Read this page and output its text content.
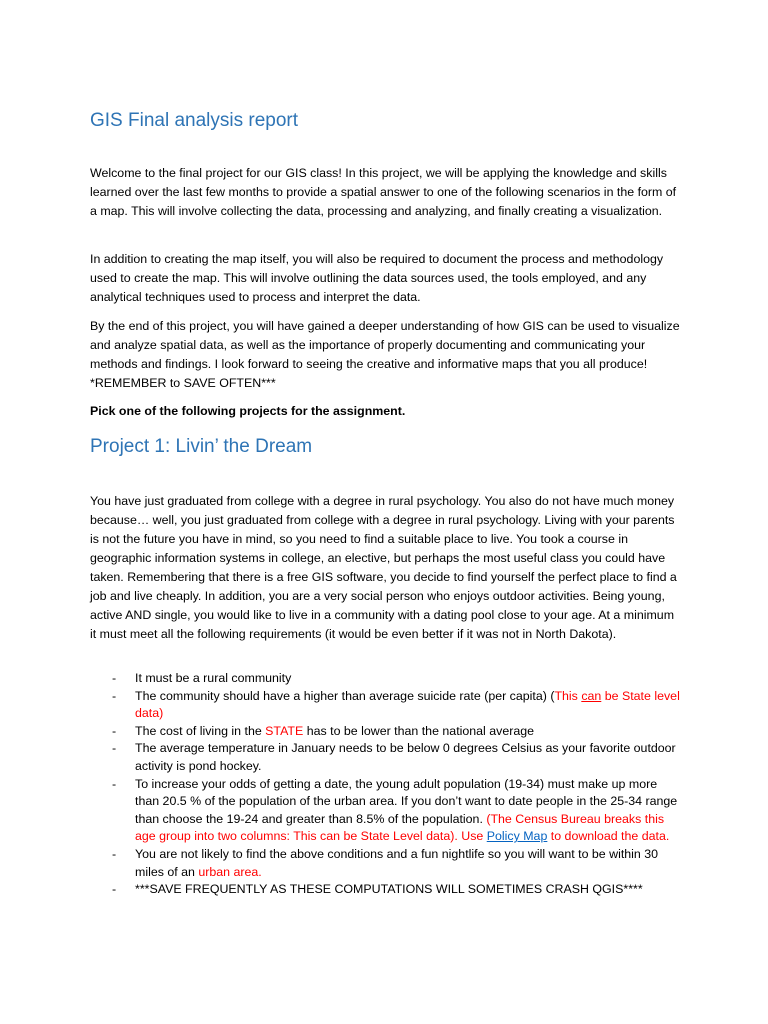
GIS Final analysis report

Welcome to the final project for our GIS class! In this project, we will be applying the knowledge and skills learned over the last few months to provide a spatial answer to one of the following scenarios in the form of a map. This will involve collecting the data, processing and analyzing, and finally creating a visualization.

In addition to creating the map itself, you will also be required to document the process and methodology used to create the map. This will involve outlining the data sources used, the tools employed, and any analytical techniques used to process and interpret the data.

By the end of this project, you will have gained a deeper understanding of how GIS can be used to visualize and analyze spatial data, as well as the importance of properly documenting and communicating your methods and findings. I look forward to seeing the creative and informative maps that you all produce! *REMEMBER to SAVE OFTEN***

Pick one of the following projects for the assignment.

Project 1: Livin’ the Dream

You have just graduated from college with a degree in rural psychology. You also do not have much money because… well, you just graduated from college with a degree in rural psychology. Living with your parents is not the future you have in mind, so you need to find a suitable place to live. You took a course in geographic information systems in college, an elective, but perhaps the most useful class you could have taken. Remembering that there is a free GIS software, you decide to find yourself the perfect place to find a job and live cheaply. In addition, you are a very social person who enjoys outdoor activities. Being young, active AND single, you would like to live in a community with a dating pool close to your age. At a minimum it must meet all the following requirements (it would be even better if it was not in North Dakota).

- It must be a rural community
- The community should have a higher than average suicide rate (per capita) (This can be State level data)
- The cost of living in the STATE has to be lower than the national average
- The average temperature in January needs to be below 0 degrees Celsius as your favorite outdoor activity is pond hockey.
- To increase your odds of getting a date, the young adult population (19-34) must make up more than 20.5 % of the population of the urban area. If you don’t want to date people in the 25-34 range than choose the 19-24 and greater than 8.5% of the population. (The Census Bureau breaks this age group into two columns: This can be State Level data). Use Policy Map to download the data.
- You are not likely to find the above conditions and a fun nightlife so you will want to be within 30 miles of an urban area.
- ***SAVE FREQUENTLY AS THESE COMPUTATIONS WILL SOMETIMES CRASH QGIS****
